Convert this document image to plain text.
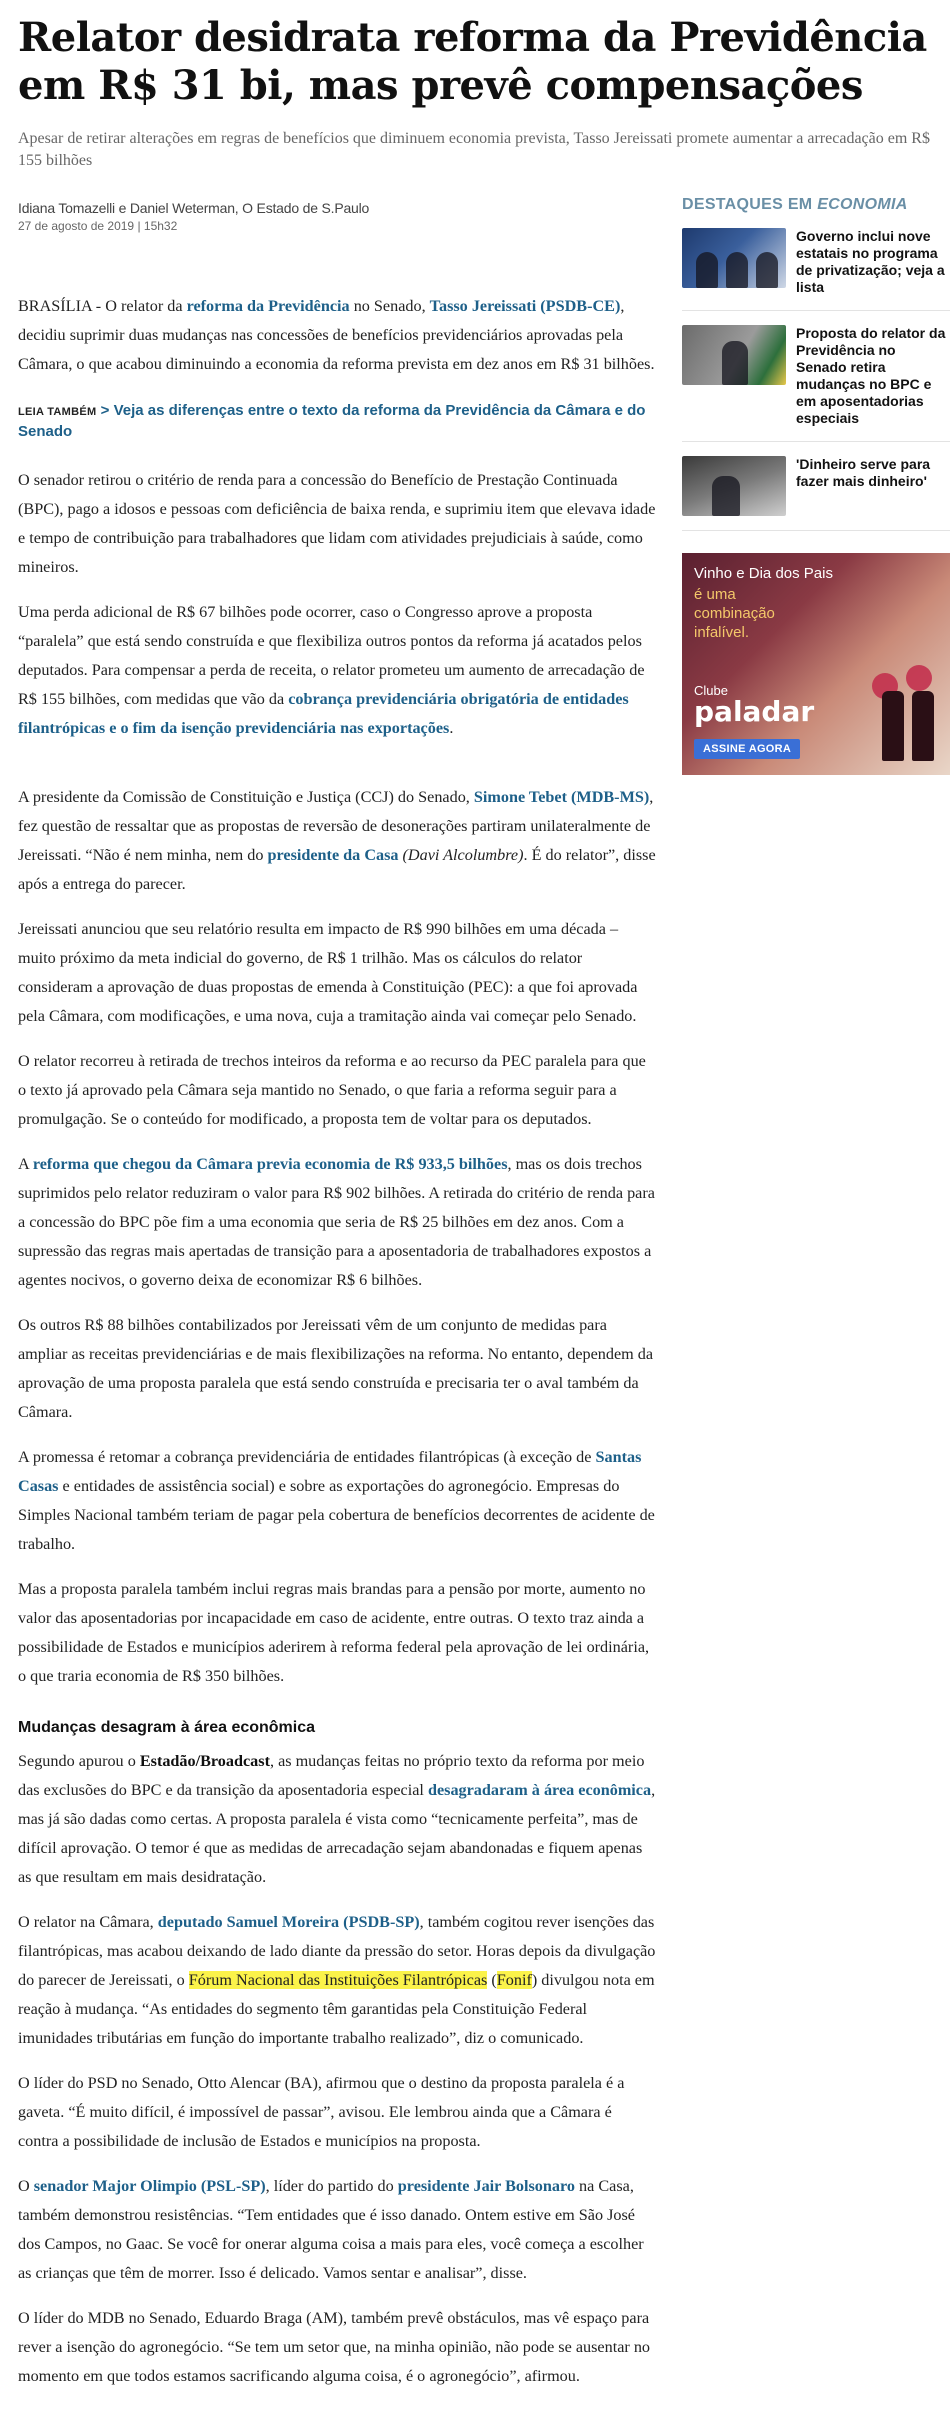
Relator desidrata reforma da Previdência em R$ 31 bi, mas prevê compensações

Apesar de retirar alterações em regras de benefícios que diminuem economia prevista, Tasso Jereissati promete aumentar a arrecadação em R$ 155 bilhões

Idiana Tomazelli e Daniel Weterman, O Estado de S.Paulo
27 de agosto de 2019 | 15h32

BRASÍLIA - O relator da reforma da Previdência no Senado, Tasso Jereissati (PSDB-CE), decidiu suprimir duas mudanças nas concessões de benefícios previdenciários aprovadas pela Câmara, o que acabou diminuindo a economia da reforma prevista em dez anos em R$ 31 bilhões.

LEIA TAMBÉM > Veja as diferenças entre o texto da reforma da Previdência da Câmara e do Senado

O senador retirou o critério de renda para a concessão do Benefício de Prestação Continuada (BPC), pago a idosos e pessoas com deficiência de baixa renda, e suprimiu item que elevava idade e tempo de contribuição para trabalhadores que lidam com atividades prejudiciais à saúde, como mineiros.

Uma perda adicional de R$ 67 bilhões pode ocorrer, caso o Congresso aprove a proposta “paralela” que está sendo construída e que flexibiliza outros pontos da reforma já acatados pelos deputados. Para compensar a perda de receita, o relator prometeu um aumento de arrecadação de R$ 155 bilhões, com medidas que vão da cobrança previdenciária obrigatória de entidades filantrópicas e o fim da isenção previdenciária nas exportações.

A presidente da Comissão de Constituição e Justiça (CCJ) do Senado, Simone Tebet (MDB-MS), fez questão de ressaltar que as propostas de reversão de desonerações partiram unilateralmente de Jereissati. “Não é nem minha, nem do presidente da Casa (Davi Alcolumbre). É do relator”, disse após a entrega do parecer.

Jereissati anunciou que seu relatório resulta em impacto de R$ 990 bilhões em uma década – muito próximo da meta indicial do governo, de R$ 1 trilhão. Mas os cálculos do relator consideram a aprovação de duas propostas de emenda à Constituição (PEC): a que foi aprovada pela Câmara, com modificações, e uma nova, cuja a tramitação ainda vai começar pelo Senado.

O relator recorreu à retirada de trechos inteiros da reforma e ao recurso da PEC paralela para que o texto já aprovado pela Câmara seja mantido no Senado, o que faria a reforma seguir para a promulgação. Se o conteúdo for modificado, a proposta tem de voltar para os deputados.

A reforma que chegou da Câmara previa economia de R$ 933,5 bilhões, mas os dois trechos suprimidos pelo relator reduziram o valor para R$ 902 bilhões. A retirada do critério de renda para a concessão do BPC põe fim a uma economia que seria de R$ 25 bilhões em dez anos. Com a supressão das regras mais apertadas de transição para a aposentadoria de trabalhadores expostos a agentes nocivos, o governo deixa de economizar R$ 6 bilhões.

Os outros R$ 88 bilhões contabilizados por Jereissati vêm de um conjunto de medidas para ampliar as receitas previdenciárias e de mais flexibilizações na reforma. No entanto, dependem da aprovação de uma proposta paralela que está sendo construída e precisaria ter o aval também da Câmara.

A promessa é retomar a cobrança previdenciária de entidades filantrópicas (à exceção de Santas Casas e entidades de assistência social) e sobre as exportações do agronegócio. Empresas do Simples Nacional também teriam de pagar pela cobertura de benefícios decorrentes de acidente de trabalho.

Mas a proposta paralela também inclui regras mais brandas para a pensão por morte, aumento no valor das aposentadorias por incapacidade em caso de acidente, entre outras. O texto traz ainda a possibilidade de Estados e municípios aderirem à reforma federal pela aprovação de lei ordinária, o que traria economia de R$ 350 bilhões.

Mudanças desagram à área econômica

Segundo apurou o Estadão/Broadcast, as mudanças feitas no próprio texto da reforma por meio das exclusões do BPC e da transição da aposentadoria especial desagradaram à área econômica, mas já são dadas como certas. A proposta paralela é vista como “tecnicamente perfeita”, mas de difícil aprovação. O temor é que as medidas de arrecadação sejam abandonadas e fiquem apenas as que resultam em mais desidratação.

O relator na Câmara, deputado Samuel Moreira (PSDB-SP), também cogitou rever isenções das filantrópicas, mas acabou deixando de lado diante da pressão do setor. Horas depois da divulgação do parecer de Jereissati, o Fórum Nacional das Instituições Filantrópicas (Fonif) divulgou nota em reação à mudança. “As entidades do segmento têm garantidas pela Constituição Federal imunidades tributárias em função do importante trabalho realizado”, diz o comunicado.

O líder do PSD no Senado, Otto Alencar (BA), afirmou que o destino da proposta paralela é a gaveta. “É muito difícil, é impossível de passar”, avisou. Ele lembrou ainda que a Câmara é contra a possibilidade de inclusão de Estados e municípios na proposta.

O senador Major Olimpio (PSL-SP), líder do partido do presidente Jair Bolsonaro na Casa, também demonstrou resistências. “Tem entidades que é isso danado. Ontem estive em São José dos Campos, no Gaac. Se você for onerar alguma coisa a mais para eles, você começa a escolher as crianças que têm de morrer. Isso é delicado. Vamos sentar e analisar”, disse.

O líder do MDB no Senado, Eduardo Braga (AM), também prevê obstáculos, mas vê espaço para rever a isenção do agronegócio. “Se tem um setor que, na minha opinião, não pode se ausentar no momento em que todos estamos sacrificando alguma coisa, é o agronegócio”, afirmou.

DESTAQUES EM ECONOMIA
Governo inclui nove estatais no programa de privatização; veja a lista
Proposta do relator da Previdência no Senado retira mudanças no BPC e em aposentadorias especiais
'Dinheiro serve para fazer mais dinheiro'
Vinho e Dia dos Pais
é uma combinação infalível.
Clube
paladar
ASSINE AGORA
